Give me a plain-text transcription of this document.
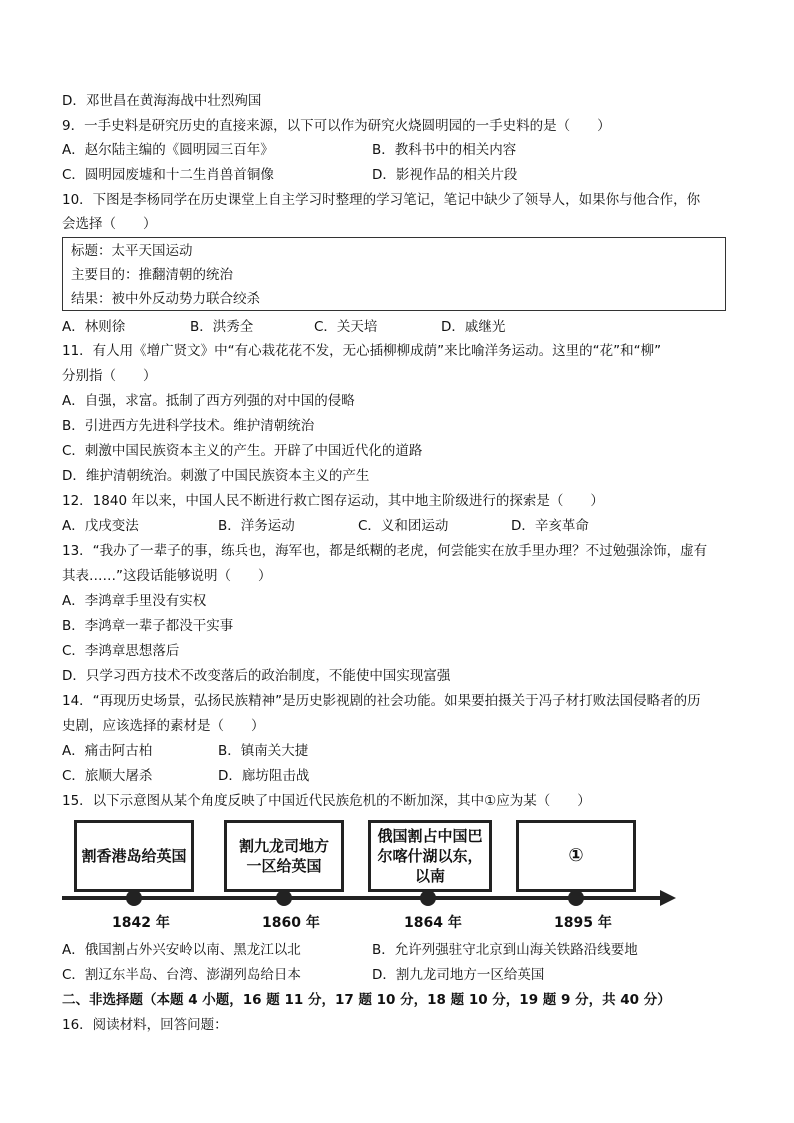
D．邓世昌在黄海海战中壮烈殉国
9．一手史料是研究历史的直接来源，以下可以作为研究火烧圆明园的一手史料的是（　　）
A．赵尔陆主编的《圆明园三百年》	B．教科书中的相关内容
C．圆明园废墟和十二生肖兽首铜像	D．影视作品的相关片段
10．下图是李杨同学在历史课堂上自主学习时整理的学习笔记，笔记中缺少了领导人，如果你与他合作，你
会选择（　　）
标题：太平天国运动
主要目的：推翻清朝的统治
结果：被中外反动势力联合绞杀
A．林则徐	B．洪秀全	C．关天培	D．戚继光
11．有人用《增广贤文》中“有心栽花花不发，无心插柳柳成荫”来比喻洋务运动。这里的“花”和“柳”
分别指（　　）
A．自强，求富。抵制了西方列强的对中国的侵略
B．引进西方先进科学技术。维护清朝统治
C．刺激中国民族资本主义的产生。开辟了中国近代化的道路
D．维护清朝统治。刺激了中国民族资本主义的产生
12．1840 年以来，中国人民不断进行救亡图存运动，其中地主阶级进行的探索是（　　）
A．戊戌变法	B．洋务运动	C．义和团运动	D．辛亥革命
13．“我办了一辈子的事，练兵也，海军也，都是纸糊的老虎，何尝能实在放手里办理？不过勉强涂饰，虚有
其表……”这段话能够说明（　　）
A．李鸿章手里没有实权
B．李鸿章一辈子都没干实事
C．李鸿章思想落后
D．只学习西方技术不改变落后的政治制度，不能使中国实现富强
14．“再现历史场景，弘扬民族精神”是历史影视剧的社会功能。如果要拍摄关于冯子材打败法国侵略者的历
史剧，应该选择的素材是（　　）
A．痛击阿古柏	B．镇南关大捷
C．旅顺大屠杀	D．廊坊阻击战
15．以下示意图从某个角度反映了中国近代民族危机的不断加深，其中①应为某（　　）
割香港岛给英国
割九龙司地方一区给英国
俄国割占中国巴尔喀什湖以东，以南
①
1842 年	1860 年	1864 年	1895 年
A．俄国割占外兴安岭以南、黑龙江以北	B．允许列强驻守北京到山海关铁路沿线要地
C．割辽东半岛、台湾、澎湖列岛给日本	D．割九龙司地方一区给英国
二、非选择题（本题 4 小题，16 题 11 分，17 题 10 分，18 题 10 分，19 题 9 分，共 40 分）
16．阅读材料，回答问题：
